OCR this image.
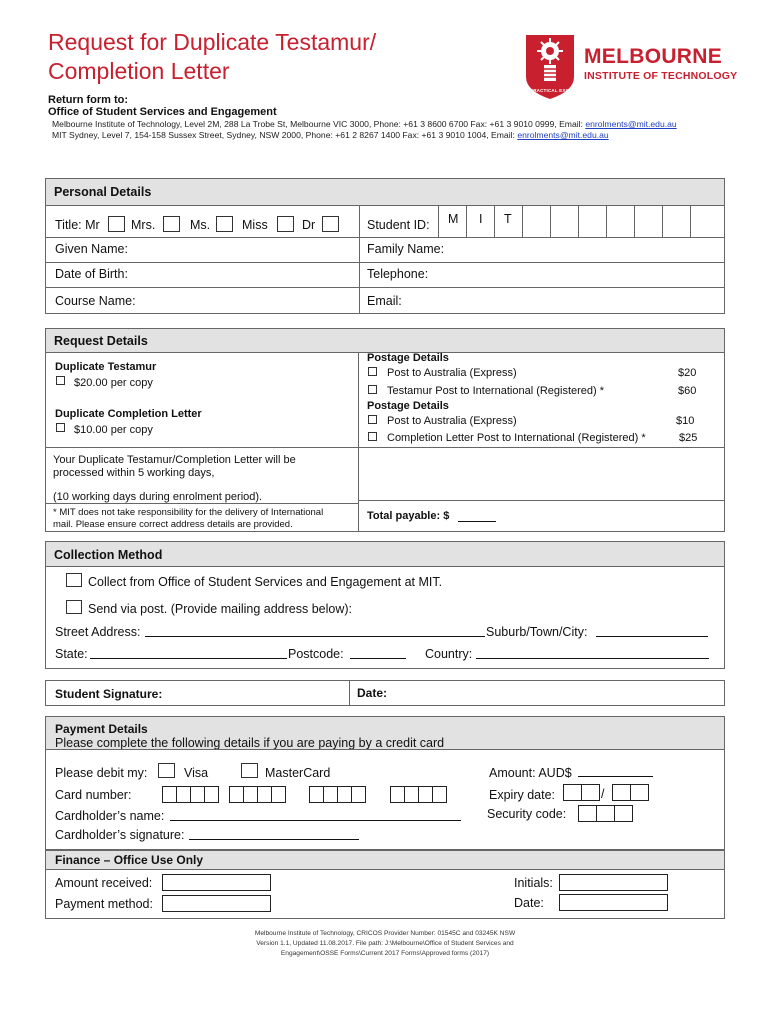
Request for Duplicate Testamur/
Completion Letter
Return form to:
Office of Student Services and Engagement
Melbourne Institute of Technology, Level 2M, 288 La Trobe St, Melbourne VIC 3000, Phone: +61 3 8600 6700 Fax: +61 3 9010 0999, Email: enrolments@mit.edu.au
MIT Sydney, Level 7, 154-158 Sussex Street, Sydney, NSW 2000, Phone: +61 2 8267 1400 Fax: +61 3 9010 1004, Email: enrolments@mit.edu.au
PRACTICAL EXCELLENCE
MELBOURNE
INSTITUTE OF TECHNOLOGY
Personal Details
Title: Mr	Mrs.	Ms.	Miss	Dr	Student ID: M I T
Given Name:	Family Name:
Date of Birth:	Telephone:
Course Name:	Email:
Request Details
Duplicate Testamur
$20.00 per copy
Duplicate Completion Letter
$10.00 per copy
Postage Details
Post to Australia (Express)	$20
Testamur Post to International (Registered) *	$60
Postage Details
Post to Australia (Express)	$10
Completion Letter Post to International (Registered) *	$25
Your Duplicate Testamur/Completion Letter will be
processed within 5 working days,
(10 working days during enrolment period).
* MIT does not take responsibility for the delivery of International
mail. Please ensure correct address details are provided.
Total payable: $
Collection Method
Collect from Office of Student Services and Engagement at MIT.
Send via post. (Provide mailing address below):
Street Address:	Suburb/Town/City:
State:	Postcode:	Country:
Student Signature:	Date:
Payment Details
Please complete the following details if you are paying by a credit card
Please debit my:	Visa	MasterCard	Amount: AUD$
Card number:	Expiry date:	/
Cardholder’s name:	Security code:
Cardholder’s signature:
Finance – Office Use Only
Amount received:
Payment method:
Initials:
Date:
Melbourne Institute of Technology, CRICOS Provider Number: 01545C and 03245K NSW
Version 1.1, Updated 11.08.2017. File path: J:\Melbourne\Office of Student Services and
Engagement\OSSE Forms\Current 2017 Forms\Approved forms (2017)
